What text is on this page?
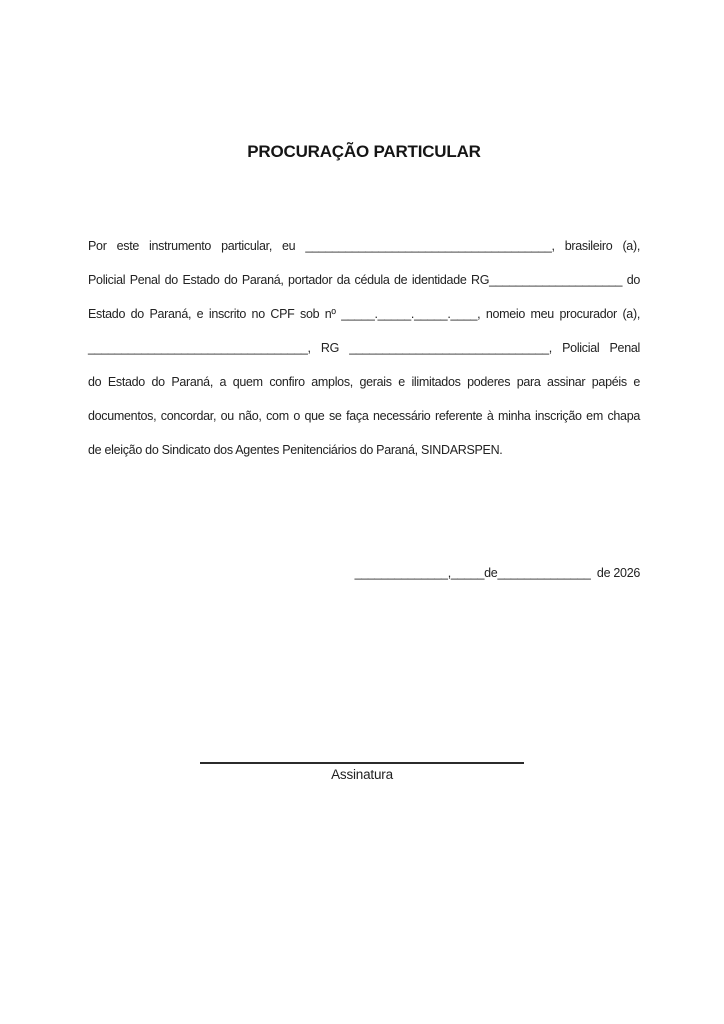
PROCURAÇÃO PARTICULAR
Por este instrumento particular, eu _____________________________________, brasileiro (a),
Policial Penal do Estado do Paraná, portador da cédula de identidade RG____________________ do
Estado do Paraná, e inscrito no CPF sob nº _____._____._____.____, nomeio meu procurador (a),
_________________________________, RG ______________________________, Policial Penal
do Estado do Paraná, a quem confiro amplos, gerais e ilimitados poderes para assinar papéis e
documentos, concordar, ou não, com o que se faça necessário referente à minha inscrição em chapa
de eleição do Sindicato dos Agentes Penitenciários do Paraná, SINDARSPEN.
______________,_____de______________  de 2026
Assinatura
